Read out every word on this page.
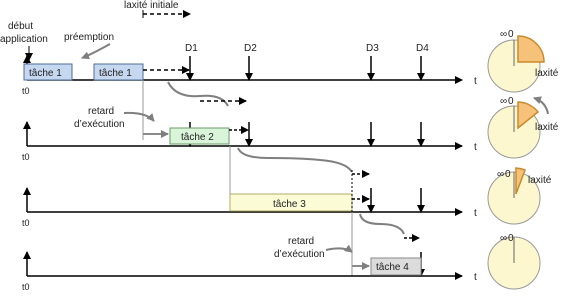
début
application préemption
laxité initiale
D1	D2	D3	D4
t0
t
tâche 1	tâche 1
t0
t
tâche 2
retard
d’exécution
t0
t
tâche 3
t0
t
tâche 4
retard
d’exécution
∞ 0
laxité
∞ 0
laxité
∞ 0
laxité
∞ 0
